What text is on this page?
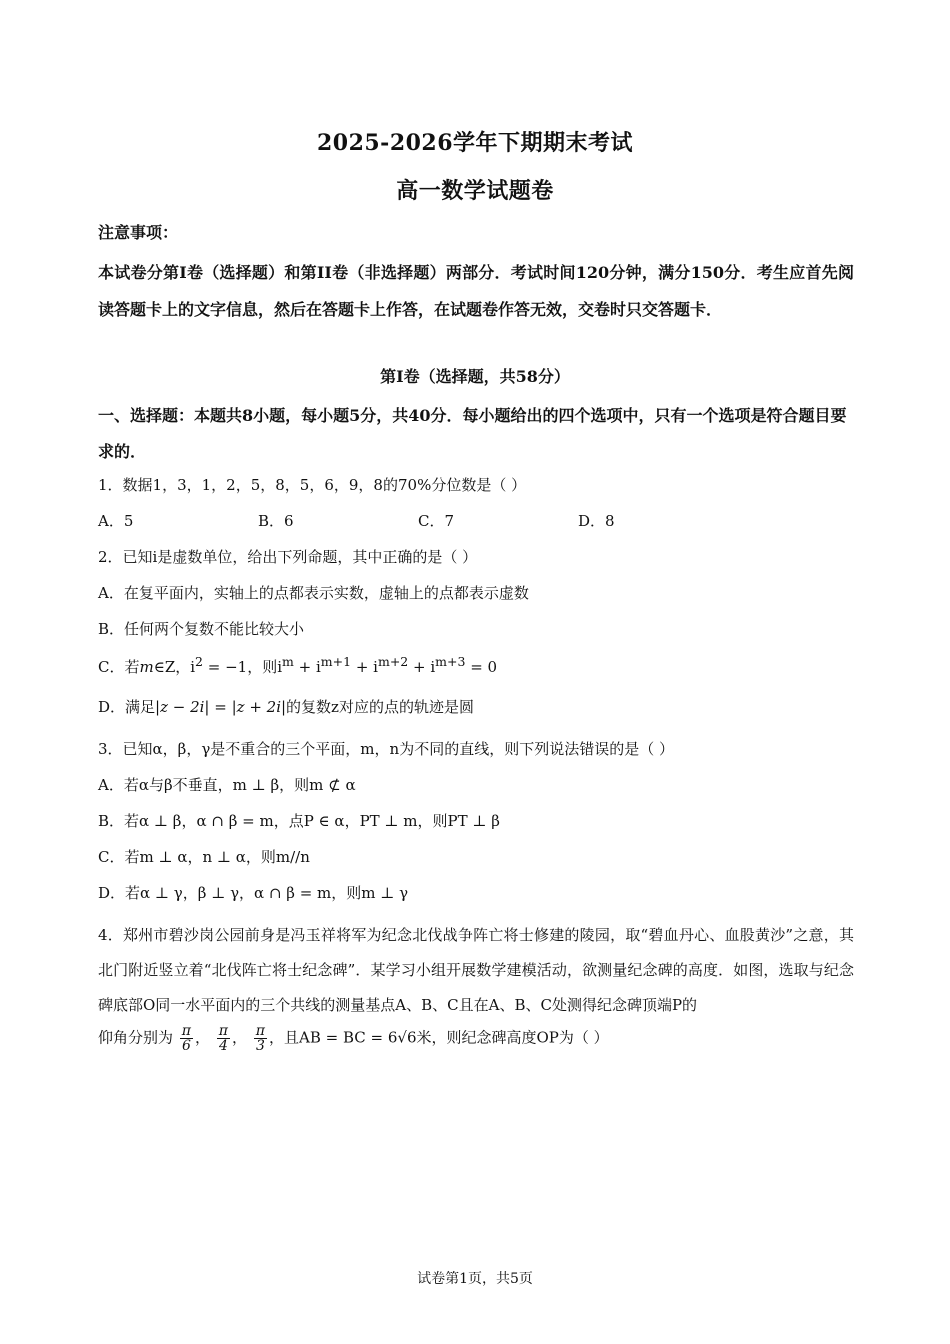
2025-2026学年下期期末考试
高一数学试题卷
注意事项：
本试卷分第I卷（选择题）和第II卷（非选择题）两部分．考试时间120分钟，满分150分．考生应首先阅读答题卡上的文字信息，然后在答题卡上作答，在试题卷作答无效，交卷时只交答题卡．
第I卷（选择题，共58分）
一、选择题：本题共8小题，每小题5分，共40分．每小题给出的四个选项中，只有一个选项是符合题目要求的．
1．数据1，3，1，2，5，8，5，6，9，8的70%分位数是（ ）
A．5	B．6	C．7	D．8
2．已知i是虚数单位，给出下列命题，其中正确的是（ ）
A．在复平面内，实轴上的点都表示实数，虚轴上的点都表示虚数
B．任何两个复数不能比较大小
C．若m∈Z，$i^2 = -1$，则$i^m + i^{m+1} + i^{m+2} + i^{m+3} = 0$
D．满足|z − 2i| = |z + 2i|的复数z对应的点的轨迹是圆
3．已知α，β，γ是不重合的三个平面，m，n为不同的直线，则下列说法错误的是（ ）
A．若α与β不垂直，m ⊥ β，则m ⊄ α
B．若α ⊥ β，α ∩ β = m，点P ∈ α，PT ⊥ m，则PT ⊥ β
C．若m ⊥ α，n ⊥ α，则m//n
D．若α ⊥ γ，β ⊥ γ，α ∩ β = m，则m ⊥ γ
4．郑州市碧沙岗公园前身是冯玉祥将军为纪念北伐战争阵亡将士修建的陵园，取“碧血丹心、血股黄沙”之意，其北门附近竖立着“北伐阵亡将士纪念碑”．某学习小组开展数学建模活动，欲测量纪念碑的高度．如图，选取与纪念碑底部O同一水平面内的三个共线的测量基点A、B、C且在A、B、C处测得纪念碑顶端P的
仰角分别为 $\frac{\pi}{6}$ ， $\frac{\pi}{4}$ ， $\frac{\pi}{3}$ ，且AB = BC = 6√6米，则纪念碑高度OP为（ ）
试卷第1页，共5页
